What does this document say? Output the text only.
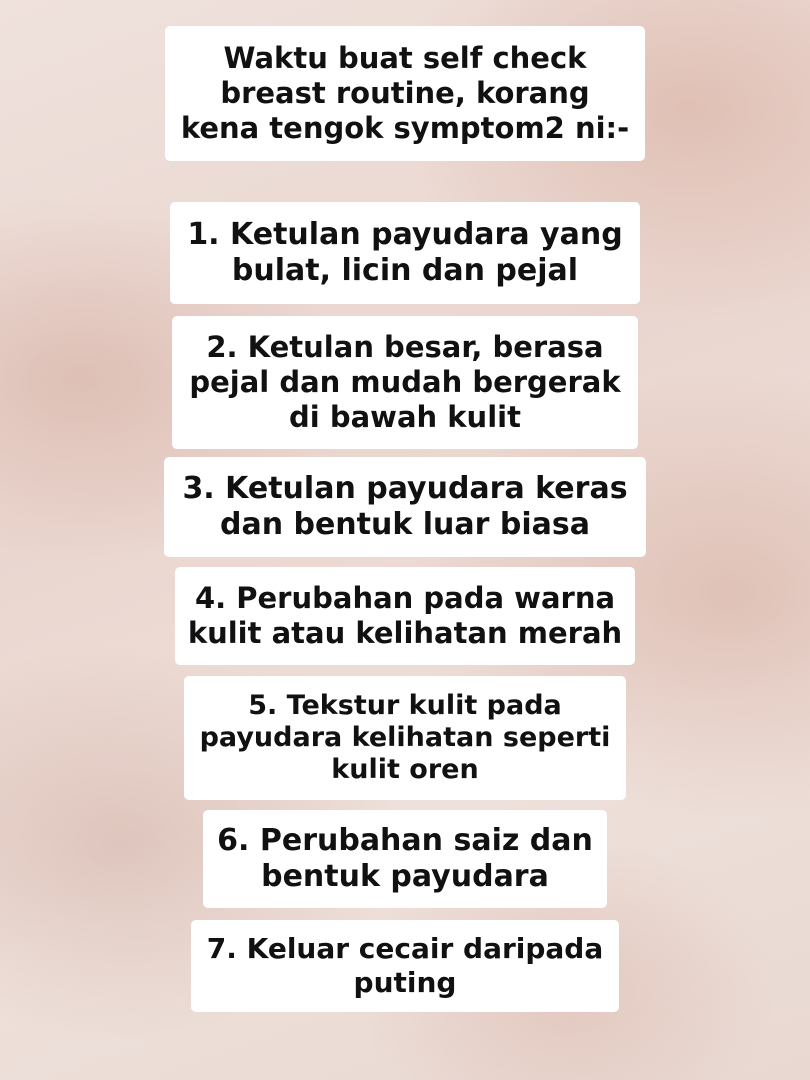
Waktu buat self check
breast routine, korang
kena tengok symptom2 ni:-
1. Ketulan payudara yang
bulat, licin dan pejal
2. Ketulan besar, berasa
pejal dan mudah bergerak
di bawah kulit
3. Ketulan payudara keras
dan bentuk luar biasa
4. Perubahan pada warna
kulit atau kelihatan merah
5. Tekstur kulit pada
payudara kelihatan seperti
kulit oren
6. Perubahan saiz dan
bentuk payudara
7. Keluar cecair daripada
puting
